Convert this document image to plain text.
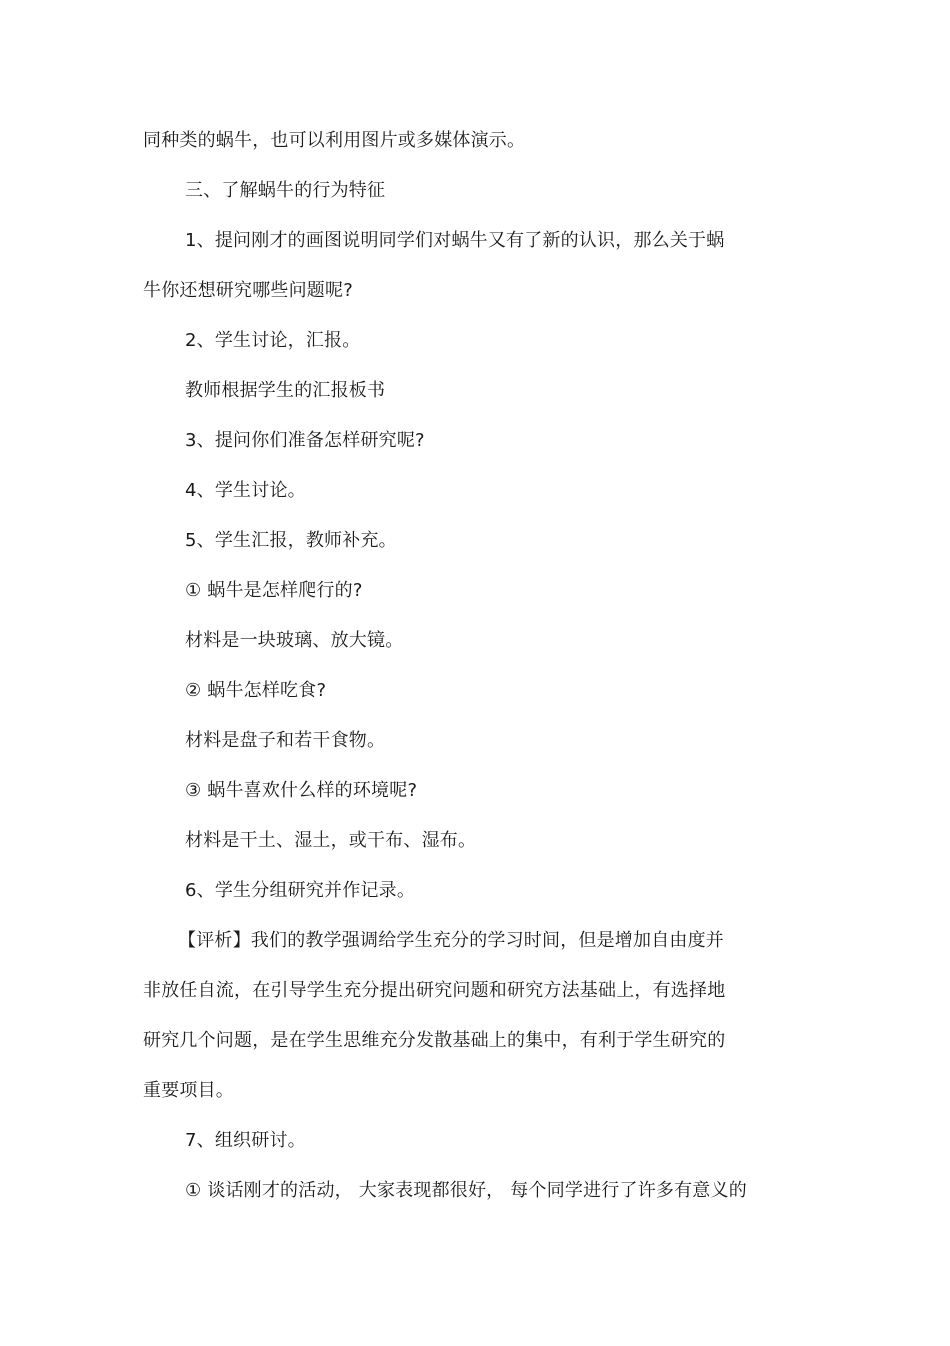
同种类的蜗牛，也可以利用图片或多媒体演示。
三、了解蜗牛的行为特征
1、提问刚才的画图说明同学们对蜗牛又有了新的认识，那么关于蜗
牛你还想研究哪些问题呢?
2、学生讨论，汇报。
教师根据学生的汇报板书
3、提问你们准备怎样研究呢?
4、学生讨论。
5、学生汇报，教师补充。
① 蜗牛是怎样爬行的?
材料是一块玻璃、放大镜。
② 蜗牛怎样吃食?
材料是盘子和若干食物。
③ 蜗牛喜欢什么样的环境呢?
材料是干土、湿土，或干布、湿布。
6、学生分组研究并作记录。
【评析】我们的教学强调给学生充分的学习时间，但是增加自由度并
非放任自流，在引导学生充分提出研究问题和研究方法基础上，有选择地
研究几个问题，是在学生思维充分发散基础上的集中，有利于学生研究的
重要项目。
7、组织研讨。
① 谈话刚才的活动， 大家表现都很好， 每个同学进行了许多有意义的
